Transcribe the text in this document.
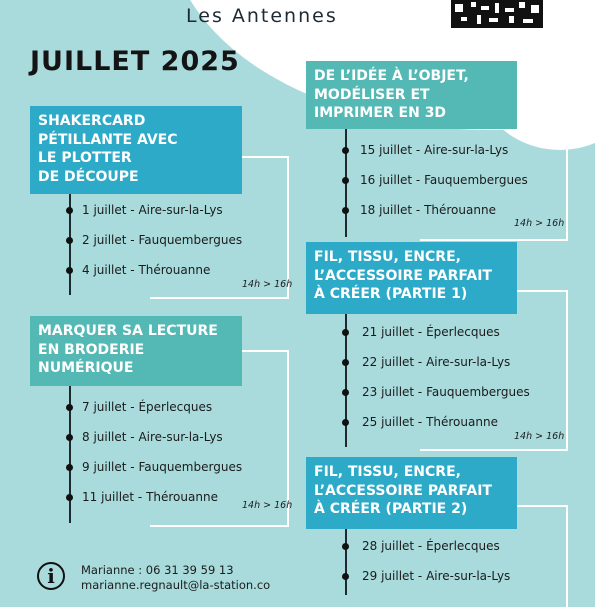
Les Antennes
JUILLET 2025
SHAKERCARD
PÉTILLANTE AVEC
LE PLOTTER
DE DÉCOUPE
1 juillet - Aire-sur-la-Lys
2 juillet - Fauquembergues
4 juillet - Thérouanne
14h > 16h
MARQUER SA LECTURE
EN BRODERIE
NUMÉRIQUE
7 juillet - Éperlecques
8 juillet - Aire-sur-la-Lys
9 juillet - Fauquembergues
11 juillet - Thérouanne
14h > 16h
DE L’IDÉE À L’OBJET,
MODÉLISER ET
IMPRIMER EN 3D
15 juillet - Aire-sur-la-Lys
16 juillet - Fauquembergues
18 juillet - Thérouanne
14h > 16h
FIL, TISSU, ENCRE,
L’ACCESSOIRE PARFAIT
À CRÉER (PARTIE 1)
21 juillet - Éperlecques
22 juillet - Aire-sur-la-Lys
23 juillet - Fauquembergues
25 juillet - Thérouanne
14h > 16h
FIL, TISSU, ENCRE,
L’ACCESSOIRE PARFAIT
À CRÉER (PARTIE 2)
28 juillet - Éperlecques
29 juillet - Aire-sur-la-Lys
i	Marianne : 06 31 39 59 13
marianne.regnault@la-station.co
